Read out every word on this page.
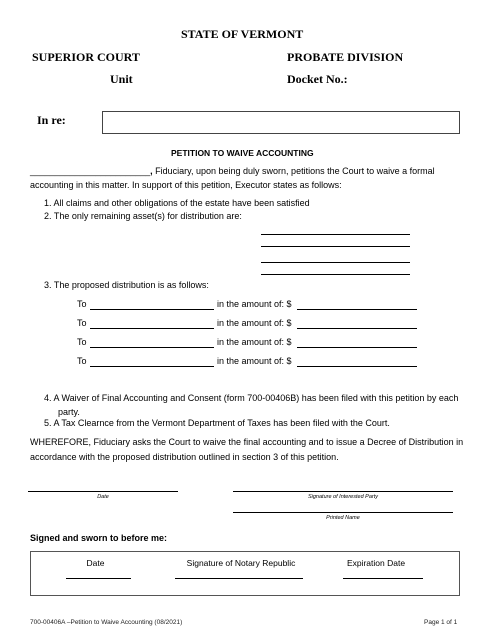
STATE OF VERMONT
SUPERIOR COURT	PROBATE DIVISION
Unit	Docket No.:
In re:
PETITION TO WAIVE ACCOUNTING
________________________, Fiduciary, upon being duly sworn, petitions the Court to waive a formal
accounting in this matter. In support of this petition, Executor states as follows:
1. All claims and other obligations of the estate have been satisfied
2. The only remaining asset(s) for distribution are:
3. The proposed distribution is as follows:
To	in the amount of: $
To	in the amount of: $
To	in the amount of: $
To	in the amount of: $
4. A Waiver of Final Accounting and Consent (form 700-00406B) has been filed with this petition by each
party.
5. A Tax Clearnce from the Vermont Department of Taxes has been filed with the Court.
WHEREFORE, Fiduciary asks the Court to waive the final accounting and to issue a Decree of Distribution in
accordance with the proposed distribution outlined in section 3 of this petition.
Date	Signature of Interested Party
Printed Name
Signed and sworn to before me:
Date	Signature of Notary Republic	Expiration Date
700-00406A –Petition to Waive Accounting (08/2021)	Page 1 of 1
